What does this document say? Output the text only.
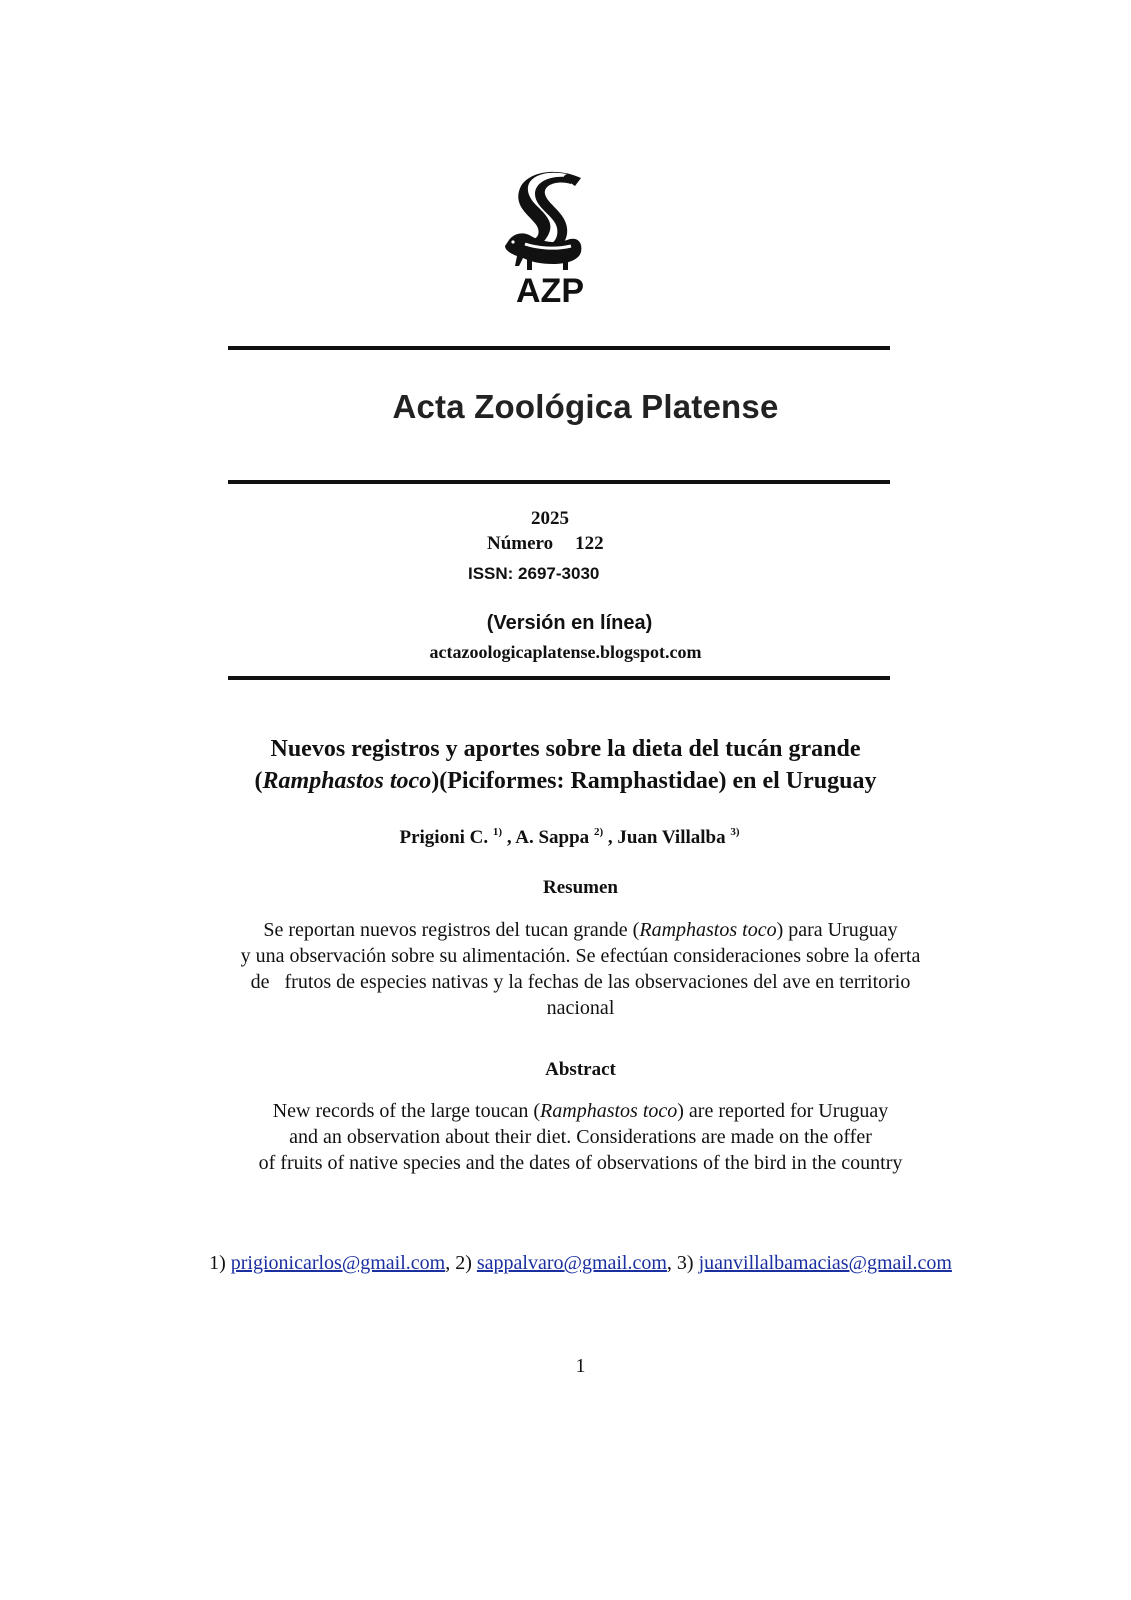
AZP
Acta Zoológica Platense
2025
Número 122
ISSN: 2697-3030
(Versión en línea)
actazoologicaplatense.blogspot.com
Nuevos registros y aportes sobre la dieta del tucán grande
(Ramphastos toco)(Piciformes: Ramphastidae) en el Uruguay
Prigioni C. $^{1)}$ , A. Sappa $^{2)}$ , Juan Villalba $^{3)}$
Resumen
Se reportan nuevos registros del tucan grande (Ramphastos toco) para Uruguay
y una observación sobre su alimentación. Se efectúan consideraciones sobre la oferta
de   frutos de especies nativas y la fechas de las observaciones del ave en territorio
nacional
Abstract
New records of the large toucan (Ramphastos toco) are reported for Uruguay
and an observation about their diet. Considerations are made on the offer
of fruits of native species and the dates of observations of the bird in the country
1) prigionicarlos@gmail.com, 2) sappalvaro@gmail.com, 3) juanvillalbamacias@gmail.com
1
